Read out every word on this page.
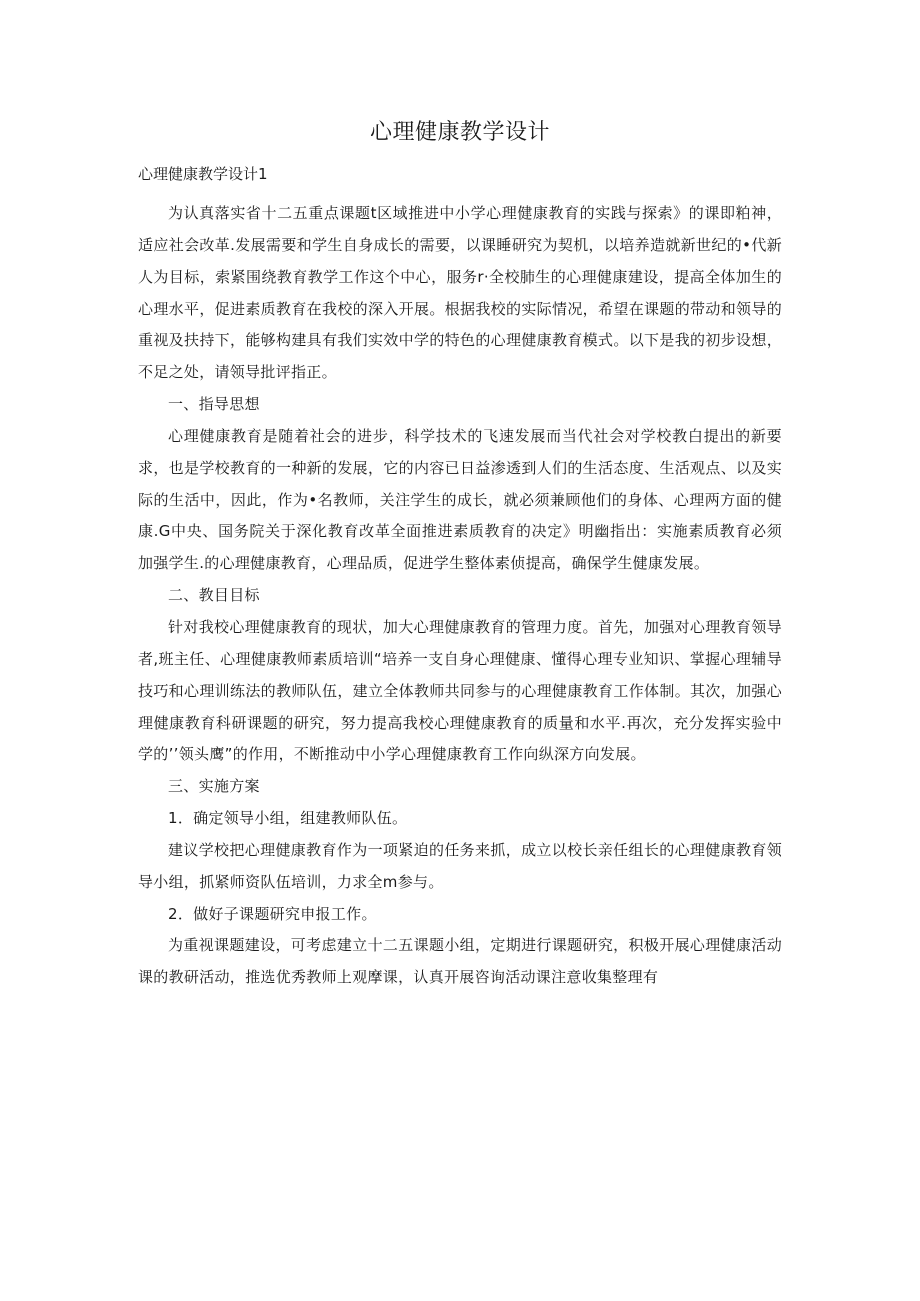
心理健康教学设计
心理健康教学设计1

为认真落实省十二五重点课题t区域推进中小学心理健康教育的实践与探索》的课即粕神，适应社会改革.发展需要和学生自身成长的需要，以课睡研究为契机，以培养造就新世纪的•代新人为目标，索紧围绕教育教学工作这个中心，服务r·全校肺生的心理健康建设，提高全体加生的心理水平，促进素质教育在我校的深入开展。根据我校的实际情况，希望在课题的带动和领导的重视及扶持下，能够构建具有我们实效中学的特色的心理健康教育模式。以下是我的初步设想，不足之处，请领导批评指正。

一、指导思想

心理健康教育是随着社会的进步，科学技术的飞速发展而当代社会对学校教白提出的新要求，也是学校教育的一种新的发展，它的内容已日益渗透到人们的生活态度、生活观点、以及实际的生活中，因此，作为•名教师，关注学生的成长，就必须兼顾他们的身体、心理两方面的健康.G中央、国务院关于深化教育改革全面推进素质教育的决定》明幽指出：实施素质教育必须加强学生.的心理健康教育，心理品质，促进学生整体素侦提高，确保学生健康发展。

二、教目目标

针对我校心理健康教育的现状，加大心理健康教育的管理力度。首先，加强对心理教育领导者,班主任、心理健康教师素质培训“培养一支自身心理健康、懂得心理专业知识、掌握心理辅导技巧和心理训练法的教师队伍，建立全体教师共同参与的心理健康教育工作体制。其次，加强心理健康教育科研课题的研究，努力提高我校心理健康教育的质量和水平.再次，充分发挥实验中学的’’领头鹰”的作用，不断推动中小学心理健康教育工作向纵深方向发展。

三、实施方案

1．确定领导小组，组建教师队伍。

建议学校把心理健康教育作为一项紧迫的任务来抓，成立以校长亲任组长的心理健康教育领导小组，抓紧师资队伍培训，力求全m参与。

2．做好子课题研究申报工作。

为重视课题建设，可考虑建立十二五课题小组，定期进行课题研究，积极开展心理健康活动课的教研活动，推选优秀教师上观摩课，认真开展咨询活动课注意收集整理有
